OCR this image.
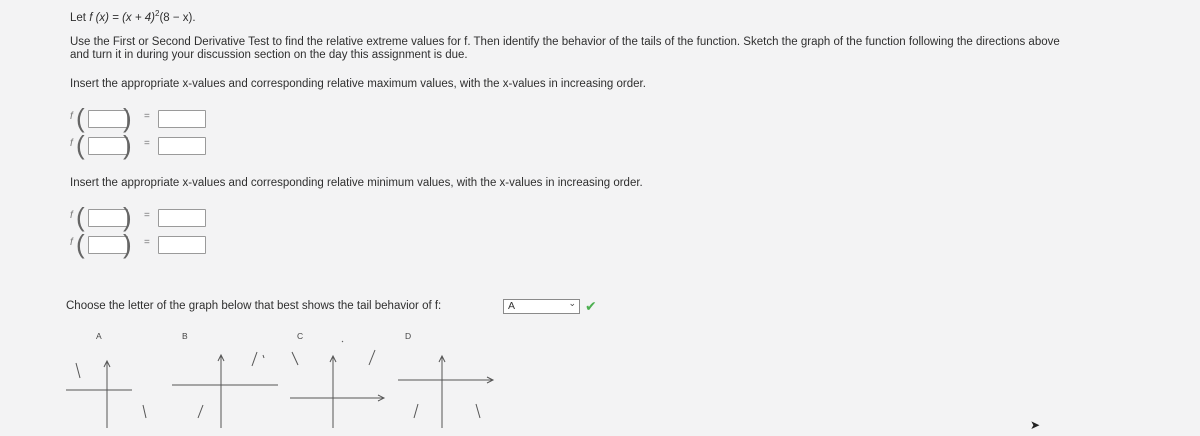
Let f $(x) = (x + 4)^2(8 - x)$.
Use the First or Second Derivative Test to find the relative extreme values for f. Then identify the behavior of the tails of the function. Sketch the graph of the function following the directions above
and turn it in during your discussion section on the day this assignment is due.
Insert the appropriate x-values and corresponding relative maximum values, with the x-values in increasing order.
f ( ) =
f ( ) =
Insert the appropriate x-values and corresponding relative minimum values, with the x-values in increasing order.
f ( ) =
f ( ) =
Choose the letter of the graph below that best shows the tail behavior of f:	A	⌄ ✔
A	B	C	D
➤
